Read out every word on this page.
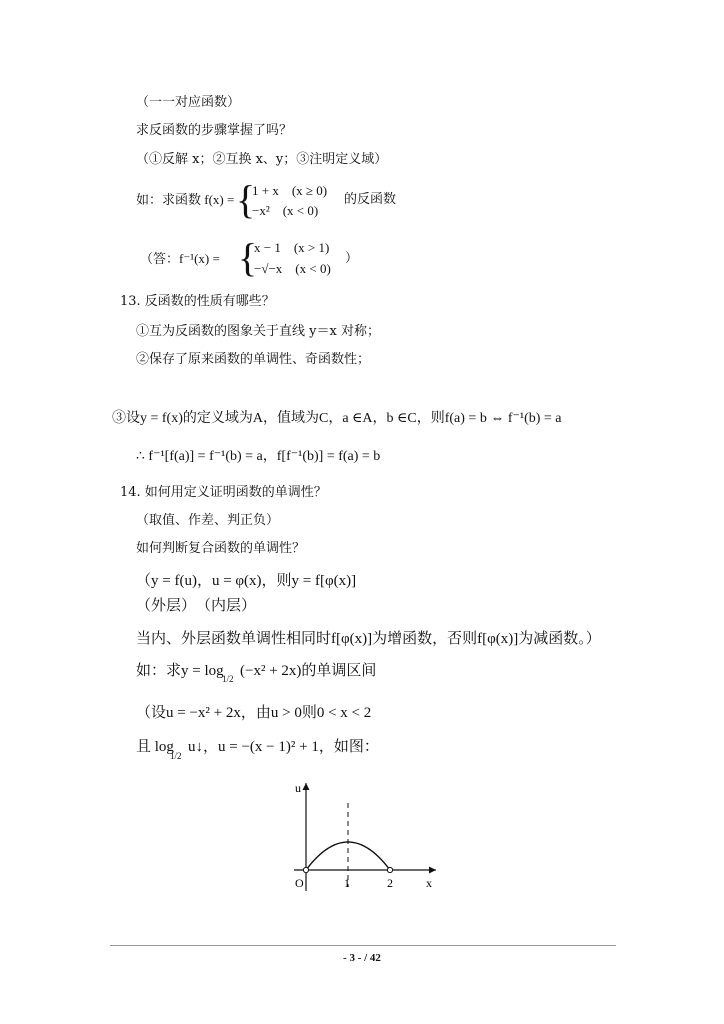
（一一对应函数）
求反函数的步骤掌握了吗？
（①反解 x；②互换 x、y；③注明定义域）
如：求函数 f(x) = {
1 + x　(x ≥ 0)
−x²　(x < 0)
的反函数
（答：f⁻¹(x) = {
x − 1　(x > 1)
−√−x　(x < 0)
）
13. 反函数的性质有哪些？
①互为反函数的图象关于直线 y＝x 对称；
②保存了原来函数的单调性、奇函数性；
③设y = f(x)的定义域为A，值域为C，a ∈A，b ∈C，则f(a) = b ⇔ f⁻¹(b) = a
∴ f⁻¹[f(a)] = f⁻¹(b) = a，f[f⁻¹(b)] = f(a) = b
14. 如何用定义证明函数的单调性？
（取值、作差、判正负）
如何判断复合函数的单调性？
（y = f(u)，u = φ(x)，则y = f[φ(x)]
（外层）　（内层）
当内、外层函数单调性相同时f[φ(x)]为增函数，否则f[φ(x)]为减函数。）
如：求y = log
1/2 (−x² + 2x)的单调区间
（设u = −x² + 2x，由u > 0则0 < x < 2
且 log
1/2
u↓，u = −(x − 1)² + 1，如图：
u
x
O	1	2
- 3 - / 42
